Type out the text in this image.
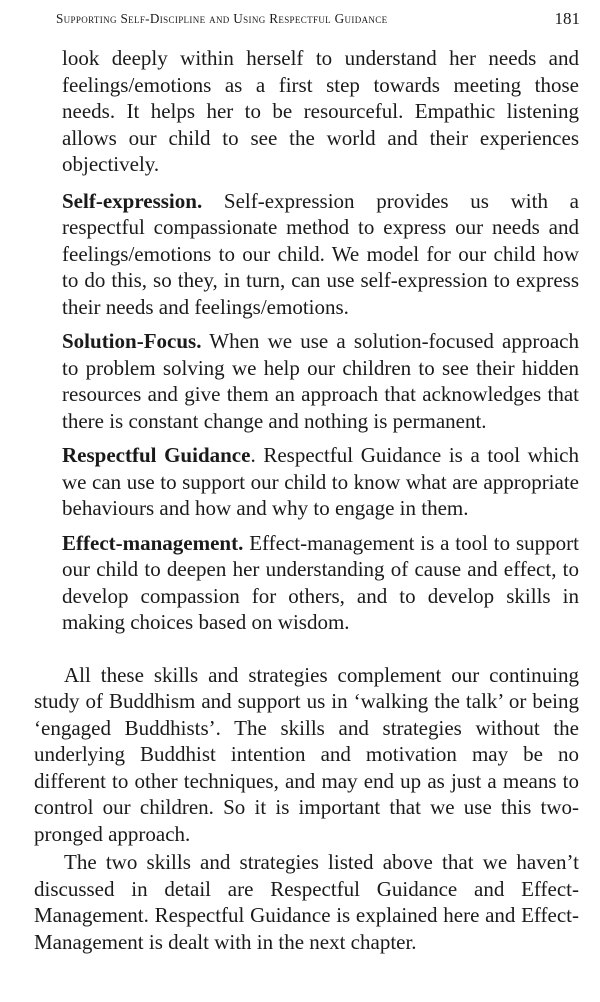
Supporting Self-Discipline and Using Respectful Guidance	181

look deeply within herself to understand her needs and feelings/emotions as a first step towards meeting those needs. It helps her to be resourceful. Empathic listening allows our child to see the world and their experiences objectively.

Self-expression. Self-expression provides us with a respectful compassionate method to express our needs and feelings/emotions to our child. We model for our child how to do this, so they, in turn, can use self-expression to express their needs and feelings/emotions.

Solution-Focus. When we use a solution-focused approach to problem solving we help our children to see their hidden resources and give them an approach that acknowledges that there is constant change and nothing is permanent.

Respectful Guidance. Respectful Guidance is a tool which we can use to support our child to know what are appropriate behaviours and how and why to engage in them.

Effect-management. Effect-management is a tool to support our child to deepen her understanding of cause and effect, to develop compassion for others, and to develop skills in making choices based on wisdom.

All these skills and strategies complement our continuing study of Buddhism and support us in ‘walking the talk’ or being ‘engaged Buddhists’. The skills and strategies without the underlying Buddhist intention and motivation may be no different to other techniques, and may end up as just a means to control our children. So it is important that we use this two-pronged approach.

The two skills and strategies listed above that we haven’t discussed in detail are Respectful Guidance and Effect-Management. Respectful Guidance is explained here and Effect-Management is dealt with in the next chapter.
